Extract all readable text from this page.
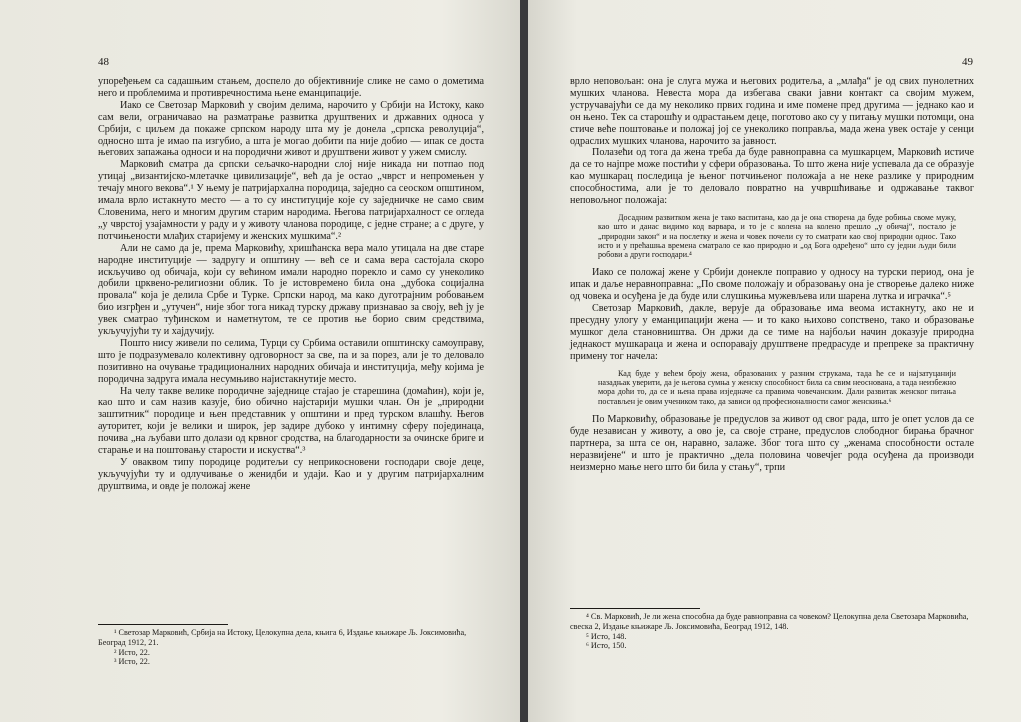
48

упоређењем са садашњим стањем, доспело до објективније слике не само о дометима него и проблемима и противречностима њене еманципације.

Иако се Светозар Марковић у својим делима, нарочито у Србији на Истоку, како сам вели, ограничавао на разматрање развитка друштвених и државних односа у Србији, с циљем да покаже српском народу шта му је донела „српска револуција“, односно шта је имао па изгубио, а шта је могао добити па није добио — ипак се доста његових запажања односи и на породични живот и друштвени живот у ужем смислу.

Марковић сматра да српски сељачко-народни слој није никада ни потпао под утицај „византијско-млетачке цивилизације“, већ да је остао „чврст и непромењен у течају много векова“.¹ У њему је патријархална породица, заједно са сеоском општином, имала врло истакнуто место — а то су институције које су заједничке не само свим Словенима, него и многим другим старим народима. Његова патријархалност се огледа „у чврстој узајамности у раду и у животу чланова породице, с једне стране; а с друге, у потчињености млађих старијему и женских мушкима“.²

Али не само да је, према Марковићу, хришћанска вера мало утицала на две старе народне институције — задругу и општину — већ се и сама вера састојала скоро искључиво од обичаја, који су већином имали народно порекло и само су унеколико добили црквено-религиозни облик. То је истовремено била она „дубока социјална провала“ која је делила Србе и Турке. Српски народ, ма како дуготрајним робовањем био изгрђен и „утучен“, није због тога никад турску државу признавао за своју, већ ју је увек сматрао туђинском и наметнутом, те се против ње борио свим средствима, укључујући ту и хајдучију.

Пошто нису живели по селима, Турци су Србима оставили општинску самоуправу, што је подразумевало колективну одговорност за све, па и за порез, али је то деловало позитивно на очување традиционалних народних обичаја и институција, међу којима је породична задруга имала несумњиво најистакнутије место.

На челу такве велике породичне заједнице стајао је старешина (домаћин), који је, као што и сам назив казује, био обично најстарији мушки члан. Он је „природни заштитник“ породице и њен представник у општини и пред турском влашћу. Његов ауторитет, који је велики и широк, јер задире дубоко у интимну сферу појединаца, почива „на љубави што долази од крвног сродства, на благодарности за очинске бриге и старање и на поштовању старости и искуства“.³

У оваквом типу породице родитељи су неприкосновени господари своје деце, укључујући ту и одлучивање о женидби и удаји. Као и у другим патријархалним друштвима, и овде је положај жене

¹ Светозар Марковић, Србија на Истоку, Целокупна дела, књига 6, Издање књижаре Љ. Јоксимовића, Београд 1912, 21.

² Исто, 22.

³ Исто, 22.

49

врло неповољан: она је слуга мужа и његових родитеља, а „млађа“ је од свих пунолетних мушких чланова. Невеста мора да избегава сваки јавни контакт са својим мужем, устручавајући се да му неколико првих година и име помене пред другима — једнако као и он њено. Тек са старошћу и одрастањем деце, поготово ако су у питању мушки потомци, она стиче веће поштовање и положај јој се унеколико поправља, мада жена увек остаје у сенци одраслих мушких чланова, нарочито за јавност.

Полазећи од тога да жена треба да буде равноправна са мушкарцем, Марковић истиче да се то најпре може постићи у сфери образовања. То што жена није успевала да се образује као мушкарац последица је њеног потчињеног положаја а не неке разлике у природним способностима, али је то деловало повратно на учвршћивање и одржавање таквог неповољног положаја:

Досадним развитком жена је тако васпитана, као да је она створена да буде робиња своме мужу, као што и данас видимо код варвара, и то је с колена на колено прешло „у обичај“, постало је „природни закон“ и на послетку и жена и човек почели су то сматрати као свој природни однос. Тако исто и у прећашња времена сматрало се као природно и „од Бога одређено“ што су једни људи били робови а други господари.⁴

Иако се положај жене у Србији донекле поправио у односу на турски период, она је ипак и даље неравноправна: „По своме положају и образовању она је створење далеко ниже од човека и осуђена је да буде или слушкиња мужевљева или шарена лутка и играчка“.⁵

Светозар Марковић, дакле, верује да образовање има веома истакнуту, ако не и пресудну улогу у еманципацији жена — и то како њихово сопствено, тако и образовање мушког дела становништва. Он држи да се тиме на најбољи начин доказује природна једнакост мушкараца и жена и оспоравају друштвене предрасуде и препреке за практичну примену тог начела:

Кад буде у већем броју жена, образованих у разним струкама, тада ће се и најзатуцанији назадњак уверити, да је његова сумња у женску способност била са свим неоснована, а тада неизбежно мора доћи то, да се и њена права изједначе са правима човечанским. Дали развитак женског питања постављен је овим учеником тако, да зависи од професионалности самог женскиња.⁶

По Марковићу, образовање је предуслов за живот од свог рада, што је опет услов да се буде независан у животу, а ово је, са своје стране, предуслов слободног бирања брачног партнера, за шта се он, наравно, залаже. Због тога што су „женама способности остале неразвијене“ и што је практично „дела половина човечјег рода осуђена да производи неизмерно мање него што би била у стању“, трпи

⁴ Св. Марковић, Је ли жена способна да буде равноправна са човеком? Целокупна дела Светозара Марковића, свеска 2, Издање књижаре Љ. Јоксимовића, Београд 1912, 148.

⁵ Исто, 148.

⁶ Исто, 150.
